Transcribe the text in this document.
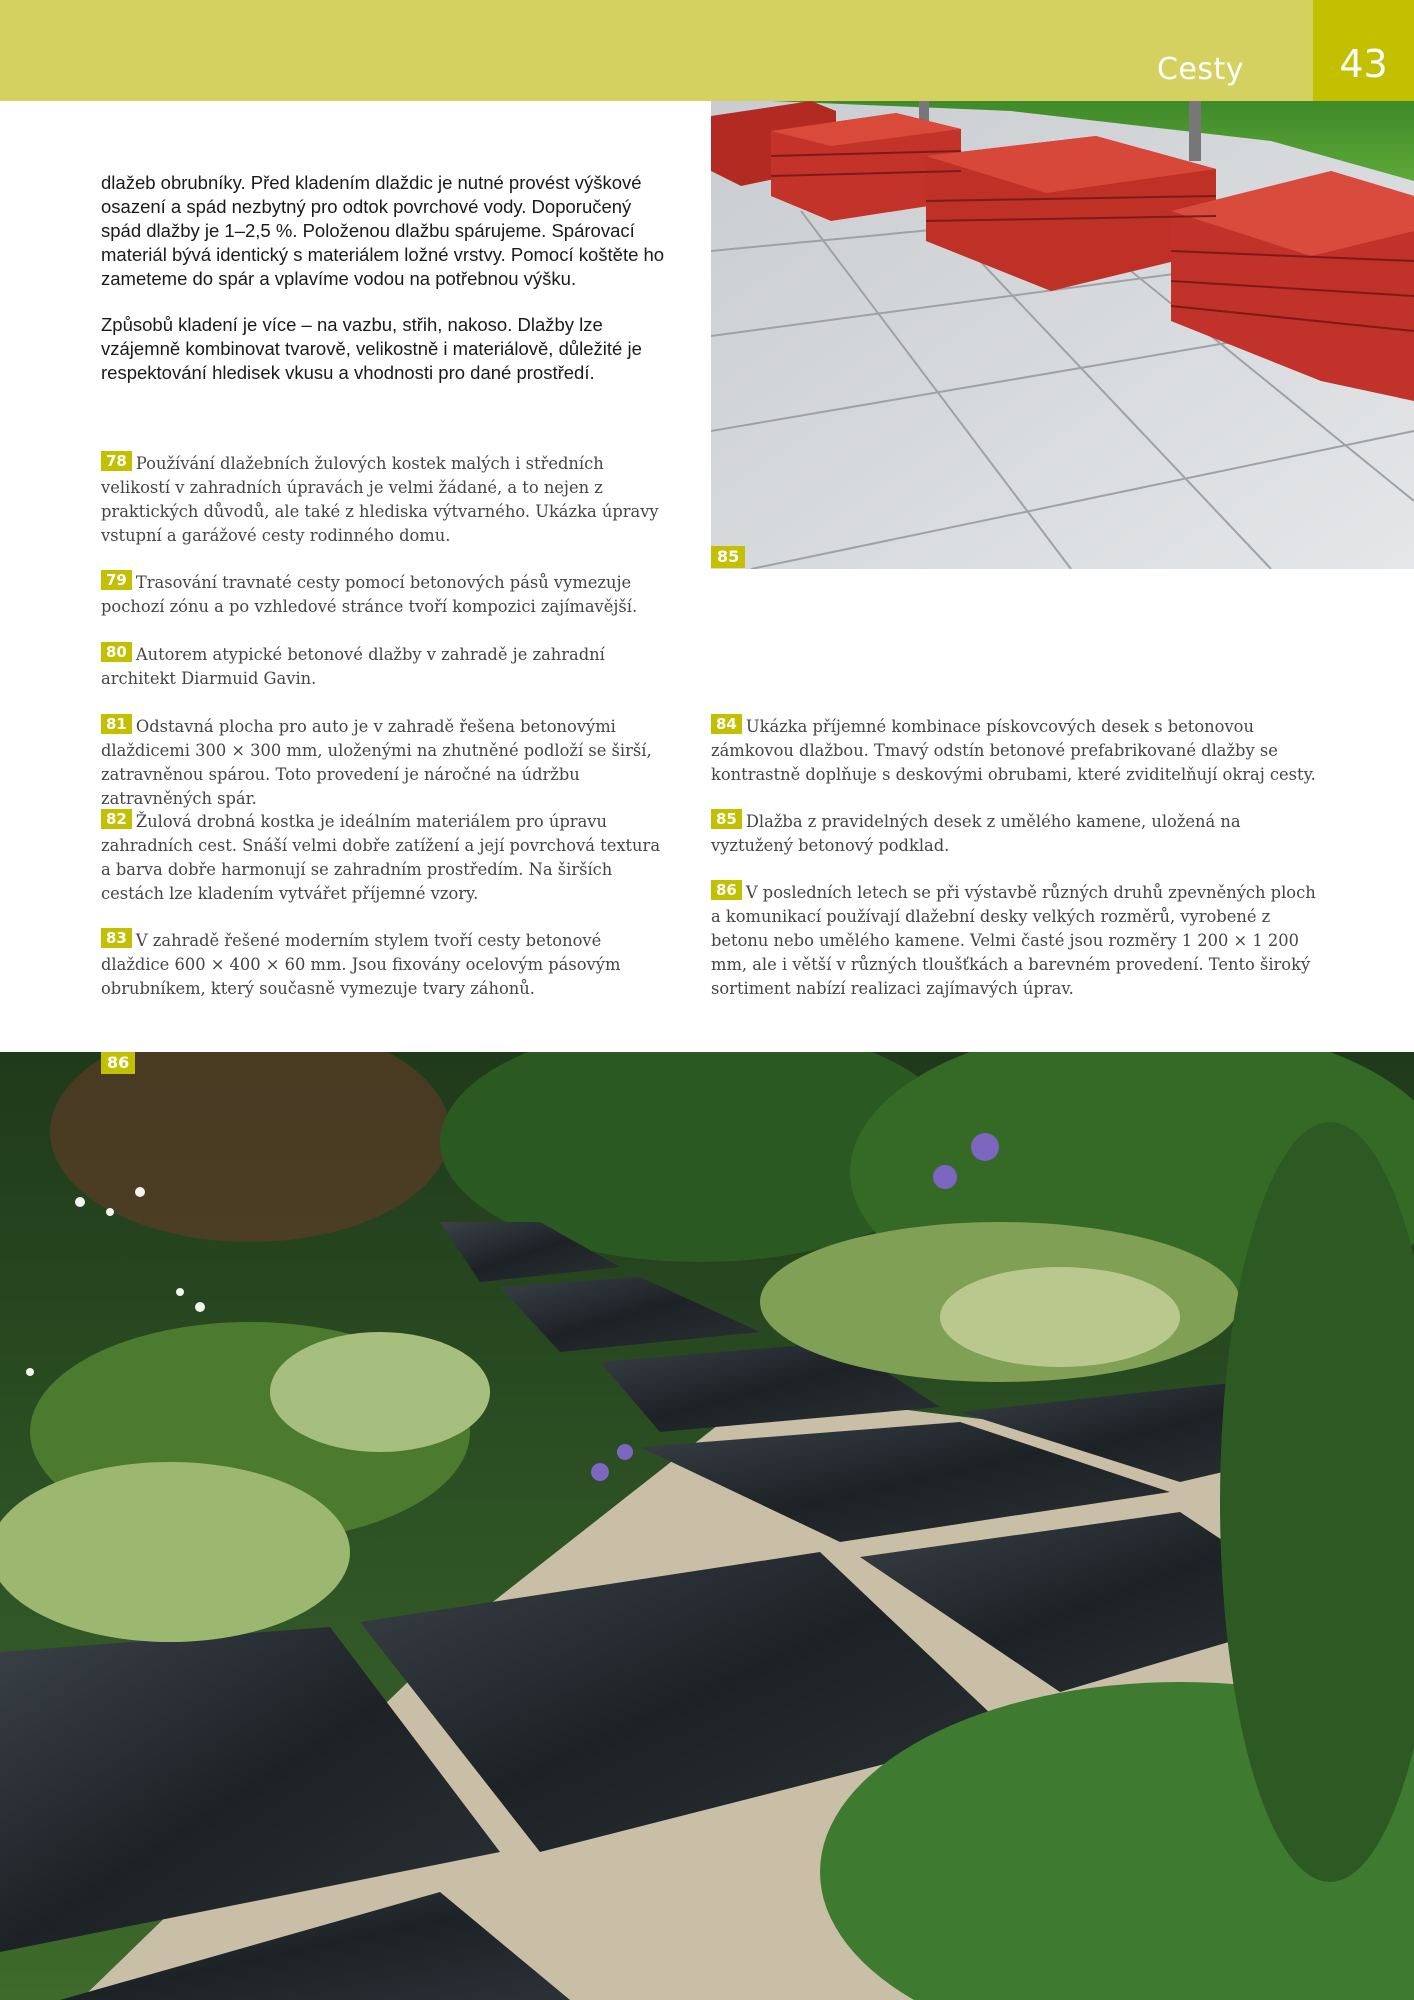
Cesty	43

dlažeb obrubníky. Před kladením dlaždic je nutné provést výškové osazení a spád nezbytný pro odtok povrchové vody. Doporučený spád dlažby je 1–2,5 %. Položenou dlažbu spárujeme. Spárovací materiál bývá identický s materiálem ložné vrstvy. Pomocí koštěte ho zameteme do spár a vplavíme vodou na potřebnou výšku.

Způsobů kladení je více – na vazbu, střih, nakoso. Dlažby lze vzájemně kombinovat tvarově, velikostně i materiálově, důležité je respektování hledisek vkusu a vhodnosti pro dané prostředí.

85

78 Používání dlažebních žulových kostek malých i středních velikostí v zahradních úpravách je velmi žádané, a to nejen z praktických důvodů, ale také z hlediska výtvarného. Ukázka úpravy vstupní a garážové cesty rodinného domu.

79 Trasování travnaté cesty pomocí betonových pásů vymezuje pochozí zónu a po vzhledové stránce tvoří kompozici zajímavější.

80 Autorem atypické betonové dlažby v zahradě je zahradní architekt Diarmuid Gavin.

81 Odstavná plocha pro auto je v zahradě řešena betonovými dlaždicemi 300 × 300 mm, uloženými na zhutněné podloží se širší, zatravněnou spárou. Toto provedení je náročné na údržbu zatravněných spár.

82 Žulová drobná kostka je ideálním materiálem pro úpravu zahradních cest. Snáší velmi dobře zatížení a její povrchová textura a barva dobře harmonují se zahradním prostředím. Na širších cestách lze kladením vytvářet příjemné vzory.

83 V zahradě řešené moderním stylem tvoří cesty betonové dlaždice 600 × 400 × 60 mm. Jsou fixovány ocelovým pásovým obrubníkem, který současně vymezuje tvary záhonů.

84 Ukázka příjemné kombinace pískovcových desek s betonovou zámkovou dlažbou. Tmavý odstín betonové prefabrikované dlažby se kontrastně doplňuje s deskovými obrubami, které zviditelňují okraj cesty.

85 Dlažba z pravidelných desek z umělého kamene, uložená na vyztužený betonový podklad.

86 V posledních letech se při výstavbě různých druhů zpevněných ploch a komunikací používají dlažební desky velkých rozměrů, vyrobené z betonu nebo umělého kamene. Velmi časté jsou rozměry 1 200 × 1 200 mm, ale i větší v různých tloušťkách a barevném provedení. Tento široký sortiment nabízí realizaci zajímavých úprav.

86
